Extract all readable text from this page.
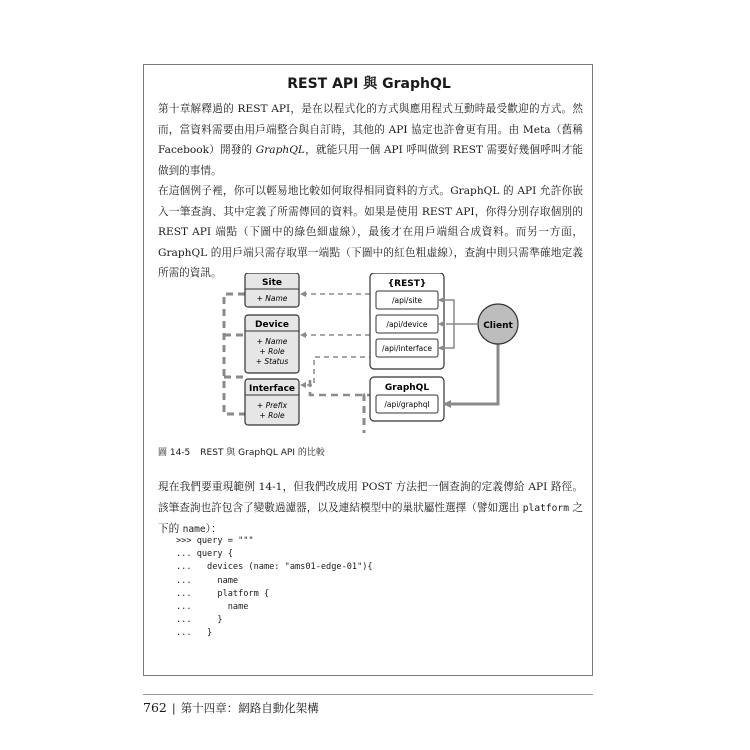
REST API 與 GraphQL

第十章解釋過的 REST API，是在以程式化的方式與應用程式互動時最受歡迎的方式。然而，當資料需要由用戶端整合與自訂時，其他的 API 協定也許會更有用。由 Meta（舊稱 Facebook）開發的 GraphQL，就能只用一個 API 呼叫做到 REST 需要好幾個呼叫才能做到的事情。

在這個例子裡，你可以輕易地比較如何取得相同資料的方式。GraphQL 的 API 允許你嵌入一筆查詢、其中定義了所需傳回的資料。如果是使用 REST API，你得分別存取個別的 REST API 端點（下圖中的綠色細虛線），最後才在用戶端組合成資料。而另一方面，GraphQL 的用戶端只需存取單一端點（下圖中的紅色粗虛線），查詢中則只需準確地定義所需的資訊。

Site
+ Name
Device
+ Name
+ Role
+ Status
Interface
+ Prefix
+ Role
{REST}
/api/site
/api/device
/api/interface
GraphQL
/api/graphql
Client
圖 14-5 REST 與 GraphQL API 的比較

現在我們要重現範例 14-1，但我們改成用 POST 方法把一個查詢的定義傳給 API 路徑。該筆查詢也許包含了變數過濾器，以及連結模型中的巢狀屬性選擇（譬如選出 platform 之下的 name）：

>>> query = """
... query {
...   devices (name: "ams01-edge-01"){
...     name
...     platform {
...       name
...     }
...   }
762 | 第十四章：網路自動化架構
